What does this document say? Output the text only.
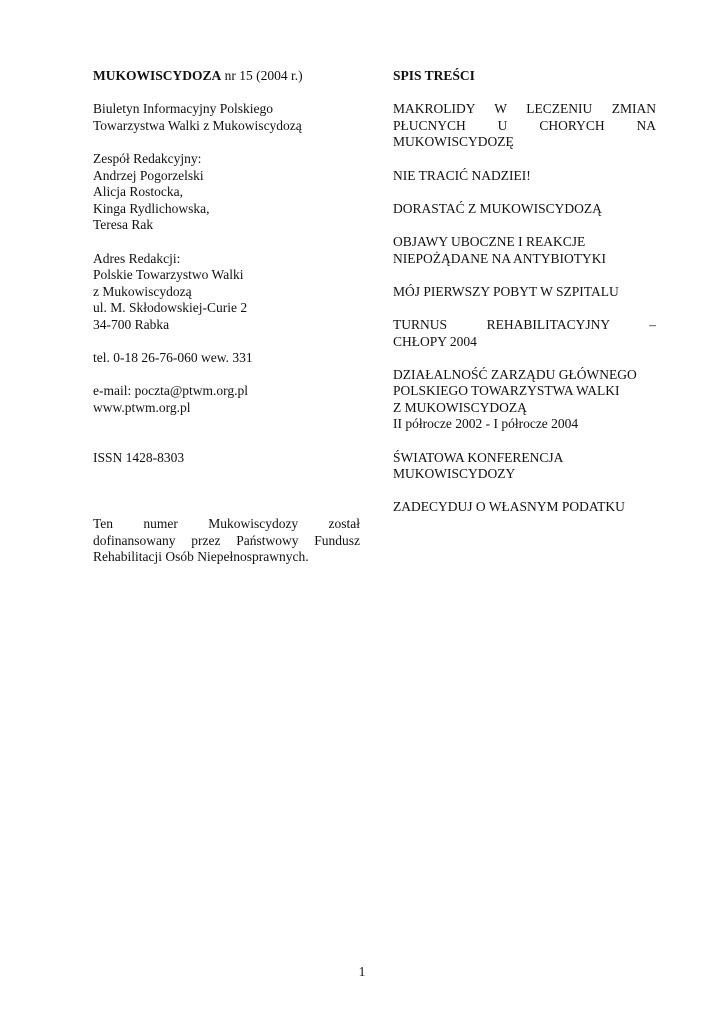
MUKOWISCYDOZA nr 15 (2004 r.)
Biuletyn Informacyjny Polskiego
Towarzystwa Walki z Mukowiscydozą
Zespół Redakcyjny:
Andrzej Pogorzelski
Alicja Rostocka,
Kinga Rydlichowska,
Teresa Rak
Adres Redakcji:
Polskie Towarzystwo Walki
z Mukowiscydozą
ul. M. Skłodowskiej-Curie 2
34-700 Rabka
tel. 0-18 26-76-060 wew. 331
e-mail: poczta@ptwm.org.pl
www.ptwm.org.pl
ISSN 1428-8303
Ten numer Mukowiscydozy został
dofinansowany przez Państwowy Fundusz
Rehabilitacji Osób Niepełnosprawnych.
SPIS TREŚCI
MAKROLIDY W LECZENIU ZMIAN
PŁUCNYCH U CHORYCH NA
MUKOWISCYDOZĘ
NIE TRACIĆ NADZIEI!
DORASTAĆ Z MUKOWISCYDOZĄ
OBJAWY UBOCZNE I REAKCJE
NIEPOŻĄDANE NA ANTYBIOTYKI
MÓJ PIERWSZY POBYT W SZPITALU
TURNUS REHABILITACYJNY –
CHŁOPY 2004
DZIAŁALNOŚĆ ZARZĄDU GŁÓWNEGO
POLSKIEGO TOWARZYSTWA WALKI
Z MUKOWISCYDOZĄ
II półrocze 2002 - I półrocze 2004
ŚWIATOWA KONFERENCJA
MUKOWISCYDOZY
ZADECYDUJ O WŁASNYM PODATKU
1
